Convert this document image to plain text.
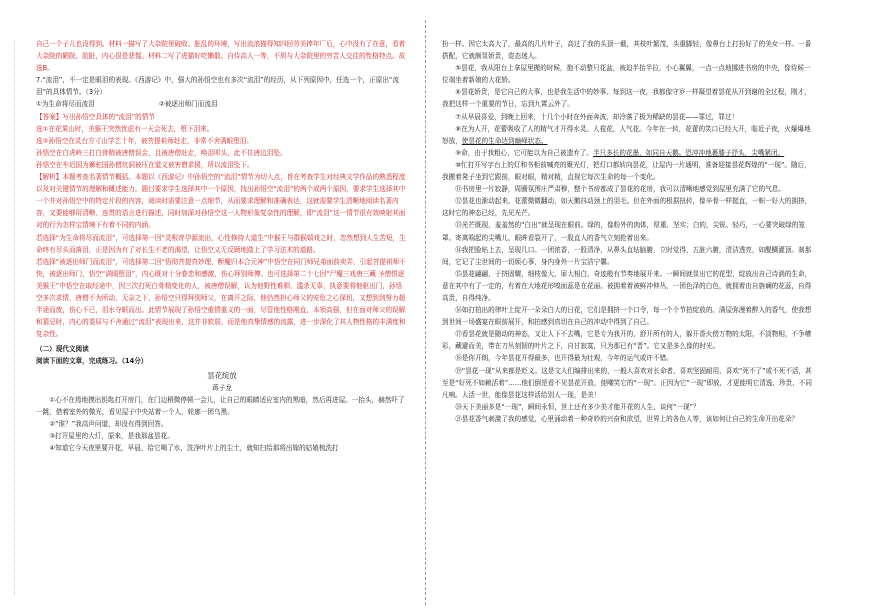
自己一个子儿也没得到。材料一描写了大杂院里破败、脏乱的环境，写出流浪猫得知四回劳美捧年厂后，心中没有了在意，看着大杂院的陋院、肮脏，内心很是悲惺。材料二写了虎猫好吃懒散、自待高人一等，不屑与大杂院里的穷苦人交往的性格特点。故选B。

7.“流泪”，不一定是眼泪的表现。《西游记》中，强大的孙悟空也有多次“流泪”的经历，从下列原因中，任选一个，正原出“流泪”的具体情节。（3分）

①为生命将尽而流泪	②被逐出师门而流泪

【答案】写出孙悟空具体的“流泪”的情节

选①在花果山时，美猴王突然忧虑有一天会死去，堕下泪来。

选②孙悟空在灵台方寸山学艺十年，被菩提祖师赶走，非常不舍满眼堕泪。

孙悟空在白虎岭三打白骨精被唐僧误会，且被唐僧赶走，唤泪叩头，此不住唐边泪坠。

孙悟空在车迟国为狮驼国孙僧坑洞被压在道义被害僧求援，所以流泪坠下。

【解析】本题考查名著情节概括。本题以《西游记》中孙悟空的“流泪”情节为切入点，旨在考查学生对经典文学作品的熟悉程度以及对关键情节的理解和概述能力。题目要求学生选择其中一个原因，找出孙悟空“流泪”的两个或两个原因，要求学生选择其中一个并对孙悟空中的特定片段的内容，阅读时需要注意一点细节，从而要求理解和准确表达，这就需要学生清晰地阅读名著内容，又要能够用清晰、连贯的语言进行描述，同时加深对孙悟空这一人物形象复杂性的理解，即“流泪”这一情节很有效映射其面对的行为怎样宝情境下有着不同的内涵。

若选择“为生命将尽而流泪”，可选择第一回“灵根育孕源流出，心性修持大道生”中猴王与群猴嬉戏之时，忽然想到人生苦短，生命终有尽头而落泪，正是因为有了对长生不老的渴望，让悟空义无反顾地踏上了学习法术的道路。

若选择“被逐出师门而流泪”，可选择第二回“悟彻菩提真妙理，断魔归本合元神”中悟空在同门师兄弟面前卖弄，引起菩提祖师不快，被逐出师门，悟空“满眼堕泪”，内心既对十分眷恋和感激，伤心拜别师傅。也可选择第二十七回“尸魔三戏唐三藏 圣僧恨逐美猴王”中悟空在取经途中，因三次打死白骨精变化的人，被唐僧误解，认为他野性难驯、滥杀无辜，执意要将他驱出门，孙悟空多次求情，唐僧不为所动，无奈之下，孙悟空只得拜别师父，在离开之际，他仍然担心师父的安危之心深切，又想到到努力超半途而废，伤心不已，泪水夺眶而出。此情节展现了孙悟空重情重义的一面，尽管他性格刚直，本领高强，但在面对师父的误解和猜忌时，内心的委屈与不舍通过“流泪”表现出来，这并非软弱，而是他真挚情感的流露，进一步深化了其人物性格的丰满度和复杂性。

（二）现代文阅读

阅读下面的文章，完成练习。（14分）

昙花绽放

蒋子龙

①心不在焉地摸出钥匙打开房门，在门边稍微停顿一会儿，让自己的眼睛适应室内的黑暗，然后再进屋。一抬头，赫然吓了一跳，借着室外的微光，看见屋子中央站着一个人，轮廓一团乌黑。

②“谁？”我高声问道，却没有得到回答。

③打开屋里的大灯，原来，是我那盆昙花。

④知道它今天夜里要开花，早晨，给它喝了水，洗净叶片上的尘土，就知扫给那将出嫁的姑娘梳洗打

扮一样。因它太高大了，最高的几片叶子，高过了我的头顶一截，其枝叶繁茂，头重脚轻，像鼻台上打扮好了的美女一样。一番搭配，它就颇显娇贵，姿态迷人。

⑤昙花，我从阳台上拿屋里搬的时候，抱不动整只花盆，被迫半抬半拉，小心翼翼，一点一点地挪进书房的中央，像待候一位端坐着新娘的大花轿。

⑥昙花娇贵，是它自己的大事，也是我生活中的妙事。每到这一夜，我都像守岁一样凝望着昙花从开到谢的全过程，刚才，我把这样一个重要的节日，忘到九霄云外了。

⑦从早晨喜爱，到晚上回来，十几个小时在外面奔波，却冷落了极为稀缺的昙花——罪过，罪过！

⑧在为人开，花蕾吸收了人的精气才开得水灵。人苞花，人气花。今年在一转，花蕾的笑口已经大开，临近子夜，火爆爆地怒放，使昙花的生命达到巅峰状态。

⑨命，由于我粗心，它可能以为自己被遗弃了。半只多长的花墨，如同自天鹅。恐冲冲地裹膝子抒头，尖嘴紧闭。

⑩忙打开写字台上的灯和书柜前喊亮的聚光灯，把灯口都转向昙花，让屋内一片通明，准备迎接昙花辉煌的“一现”。随后，我搬着凳子坐到它跟前，眼对眼，精对精，直视它每次生命的每一个变化。

⑪书房里一片寂静，周圈氛围庄严肃穆，整个书房都成了昙花的花房，我可以清晰地感觉到屋里充满了它的气息。

⑫昙花也渐动起来，花蕾微微翻动，如天鹅抖动颈上的羽毛。但在外面的根据扭转，像辛骨一样挺直，一帜一好大的拥挤，这时它的神态已经，先见光芒。

⑬光芒既现，羞羞然的“白出”就呈现在眼前。绿的，像粉外的肉体，厚重、坚实；白的，尖锐、轻巧，一心要突破绿的笼罩。寄离喘起的尖嘴儿，眼眸看裂开了，一股直人的香气立刻抢着出来。

⑭我把脸贴上去，呈现几口。一团浓香，一股清净，从鼻头直钻脑腑，立时觉得，五脏六腑，清洁透亮，如醍醐灌顶。刹那间，它记了尘世间的一切烦心事，身内身外一片宝洁宁馨。

⑮昙花翩翩，于挤固耀，细枝像大，扉大相白，奇迹般有节奏地展开来。一瞬间就显出它的花型，绽放出自己诗淌的生命，意在其中有了一定的，有着在大地花形嗅面蕊是在花丽。被拥着着被鲜冲伸丛，一团色泽的白色，就拥着由自旃斓的花蕊，自得高贵，自得纯净。

⑯如打拍出的律叶上绽开一朵朵白大的日花，它们是拥挤一个口令，每一个个节拍绽放的。满屋弥漫着醉人的香气，使我想到世间一场盛宴在眼前展开，和拍感到真切在自己的冲动中得到了自己。

⑰看昙花就是随动的神态，又让人下不去嘴，它是专为我开的，舒开所有的人，躲开香火傍万物的太阳，不淡物相，不争嘈彩，藏避而美，带在刀丛刻韧的叶片之下，自甘寂寞，只为那已有“晋”。它又是多么像的时光。

⑱是你开朗，今年昙花开得最多，也开得最为壮观，今年的运气或许不错。

⑲“昙花一现”从来都是贬义。这是文人们编排出来的，一般人喜欢对长命者，喜欢坚固耐用，喜欢“死不了”或不死不活，甚至是“好死不如赖活着”……他们倒是看不见昙花开放，便嘲笑它的“一现”。正因为它“一现”即放，才更能明它清逸、珍贵、不同凡响。人活一世，能像昙花这样活给别人一现，是美！

⑳天下美丽多是“一现”，瞬间永恒，世上还有多少美才能开花的人生，谈何“一现”？

㉑昙花香气刺激了我的感觉，心里涌动着一种奇妙的兴奋和欲望，世界上的各色人等，该如何让自己的生命开出花朵？
